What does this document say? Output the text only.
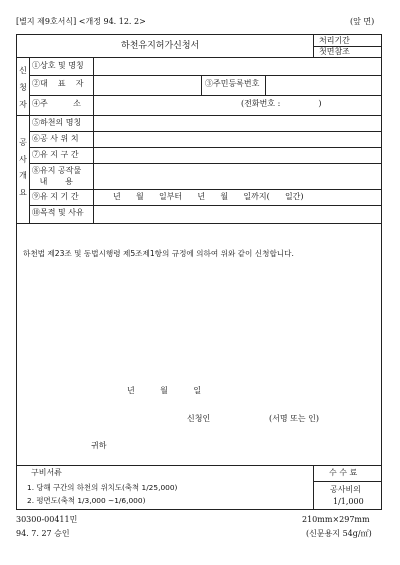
[별지 제9호서식] <개정 94. 12. 2>	(앞 면)
하천유지허가신청서
처리기간
첫면참조
신
청
자
①상호 및 명칭
②대    표    자	③주민등록번호
④주          소	(전화번호 :               )
공
사
개
요
⑤하천의 명칭
⑥공 사 위 치
⑦유 지 구 간
⑧유지 공작물
내       용
⑨유 지 기 간	년      월      일부터      년      월      일까지(      일간)
⑩목적 및 사유
하천법 제23조 및 동법시행령 제5조제1항의 규정에 의하여 위와 같이 신청합니다.
년          월          일
신청인	(서명 또는 인)
귀하
구비서류
1. 당해 구간의 하천의 위치도(축척 1/25,000)
2. 평면도(축척 1/3,000 ~1/6,000)
수 수 료
공사비의
1/1,000
30300-00411민
94. 7. 27 승인
210mm×297mm
(신문용지 54g/㎡)
